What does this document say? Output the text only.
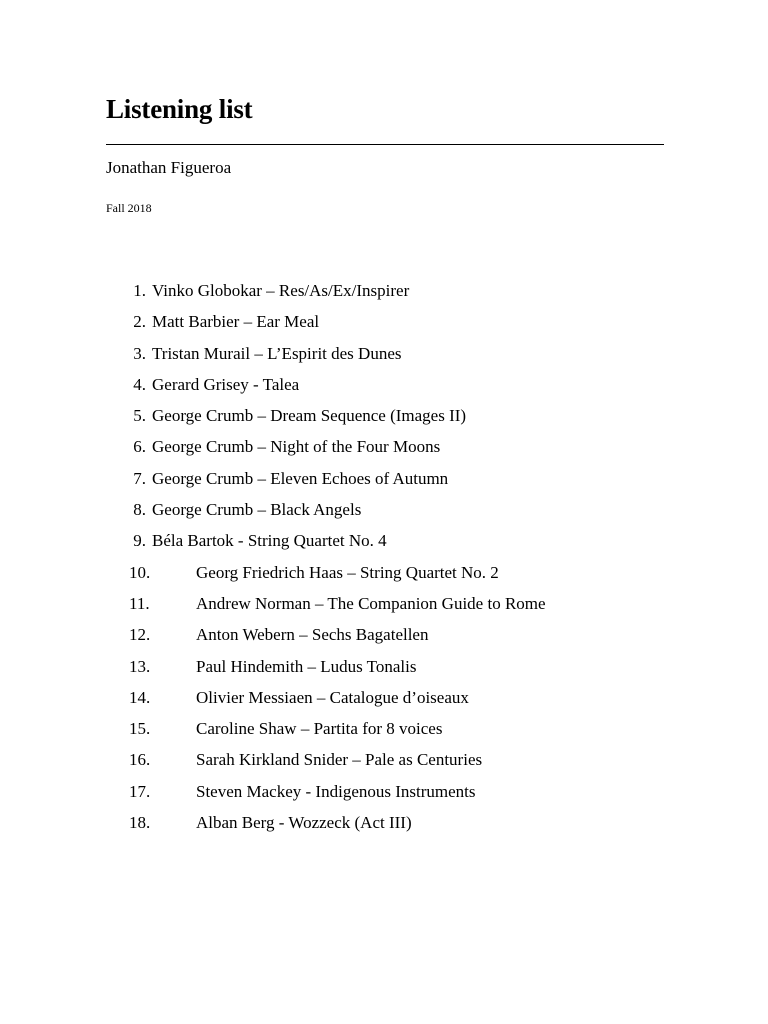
Listening list

Jonathan Figueroa

Fall 2018

1. Vinko Globokar – Res/As/Ex/Inspirer
2. Matt Barbier – Ear Meal
3. Tristan Murail – L’Espirit des Dunes
4. Gerard Grisey - Talea
5. George Crumb – Dream Sequence (Images II)
6. George Crumb – Night of the Four Moons
7. George Crumb – Eleven Echoes of Autumn
8. George Crumb – Black Angels
9. Béla Bartok - String Quartet No. 4
10.	Georg Friedrich Haas – String Quartet No. 2
11.	Andrew Norman – The Companion Guide to Rome
12.	Anton Webern – Sechs Bagatellen
13.	Paul Hindemith – Ludus Tonalis
14.	Olivier Messiaen – Catalogue d’oiseaux
15.	Caroline Shaw – Partita for 8 voices
16.	Sarah Kirkland Snider – Pale as Centuries
17.	Steven Mackey - Indigenous Instruments
18.	Alban Berg - Wozzeck (Act III)
